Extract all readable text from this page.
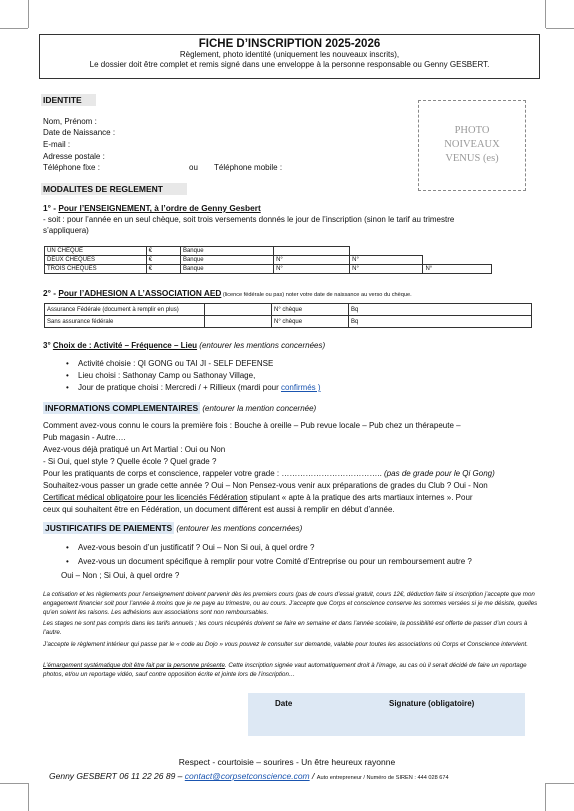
FICHE D’INSCRIPTION 2025-2026
Règlement, photo identité (uniquement les nouveaux inscrits),
Le dossier doit être complet et remis signé dans une enveloppe à la personne responsable ou Genny GESBERT.
IDENTITE
Nom, Prénom :
Date de Naissance :
E-mail :
Adresse postale :
Téléphone fixe :	ou Téléphone mobile :
PHOTO
NOIVEAUX
VENUS (es)
MODALITES DE REGLEMENT
1° - Pour l’ENSEIGNEMENT, à l’ordre de Genny Gesbert
- soit : pour l’année en un seul chèque, soit trois versements donnés le jour de l’inscription (sinon le tarif au trimestre
s’appliquera)
UN CHEQUE	€	Banque			
DEUX CHEQUES	€	Banque	N°	N°	
TROIS CHEQUES	€	Banque	N°	N°	N°
2° - Pour l’ADHESION A L’ASSOCIATION AED (licence fédérale ou pas) noter votre date de naissance au verso du chèque.
Assurance Fédérale (document à remplir en plus)		N° chèque	Bq
Sans assurance fédérale		N° chèque	Bq
3° Choix de : Activité – Fréquence – Lieu (entourer les mentions concernées)
• Activité choisie : QI GONG ou TAI JI - SELF DEFENSE
• Lieu choisi : Sathonay Camp ou Sathonay Village,
• Jour de pratique choisi : Mercredi / + Rillieux (mardi pour confirmés )
INFORMATIONS COMPLEMENTAIRES (entourer la mention concernée)
Comment avez-vous connu le cours la première fois : Bouche à oreille – Pub revue locale – Pub chez un thérapeute –
Pub magasin - Autre….
Avez-vous déjà pratiqué un Art Martial : Oui ou Non
- Si Oui, quel style ? Quelle école ? Quel grade ?
Pour les pratiquants de corps et conscience, rappeler votre grade : ……………………………….. (pas de grade pour le Qi Gong)
Souhaitez-vous passer un grade cette année ? Oui – Non Pensez-vous venir aux préparations de grades du Club ? Oui - Non
Certificat médical obligatoire pour les licenciés Fédération stipulant « apte à la pratique des arts martiaux internes ». Pour
ceux qui souhaitent être en Fédération, un document différent est aussi à remplir en début d’année.
JUSTIFICATIFS DE PAIEMENTS (entourer les mentions concernées)
• Avez-vous besoin d’un justificatif ? Oui – Non Si oui, à quel ordre ?
• Avez-vous un document spécifique à remplir pour votre Comité d’Entreprise ou pour un remboursement autre ?
Oui – Non ; Si Oui, à quel ordre ?
La cotisation et les règlements pour l’enseignement doivent parvenir dès les premiers cours (pas de cours d’essai gratuit, cours 12€, déduction faite si inscription j’accepte que mon engagement financier soit pour l’année à moins que je ne paye au trimestre, ou au cours. J’accepte que Corps et conscience conserve les sommes versées si je me désiste, quelles qu’en soient les raisons. Les adhésions aux associations sont non remboursables.
Les stages ne sont pas compris dans les tarifs annuels ; les cours récupérés doivent se faire en semaine et dans l’année scolaire, la possibilité est offerte de passer d’un cours à l’autre.
J’accepte le règlement intérieur qui passe par le « code au Dojo » vous pouvez le consulter sur demande, valable pour toutes les associations où Corps et Conscience intervient.
L’émargement systématique doit être fait par la personne présente. Cette inscription signée vaut automatiquement droit à l’image, au cas où il serait décidé de faire un reportage photos, et/ou un reportage vidéo, sauf contre opposition écrite et jointe lors de l’inscription…
Date	Signature (obligatoire)
Respect - courtoisie – sourires - Un être heureux rayonne
Genny GESBERT 06 11 22 26 89 – contact@corpsetconscience.com / Auto entrepreneur / Numéro de SIREN : 444 028 674
